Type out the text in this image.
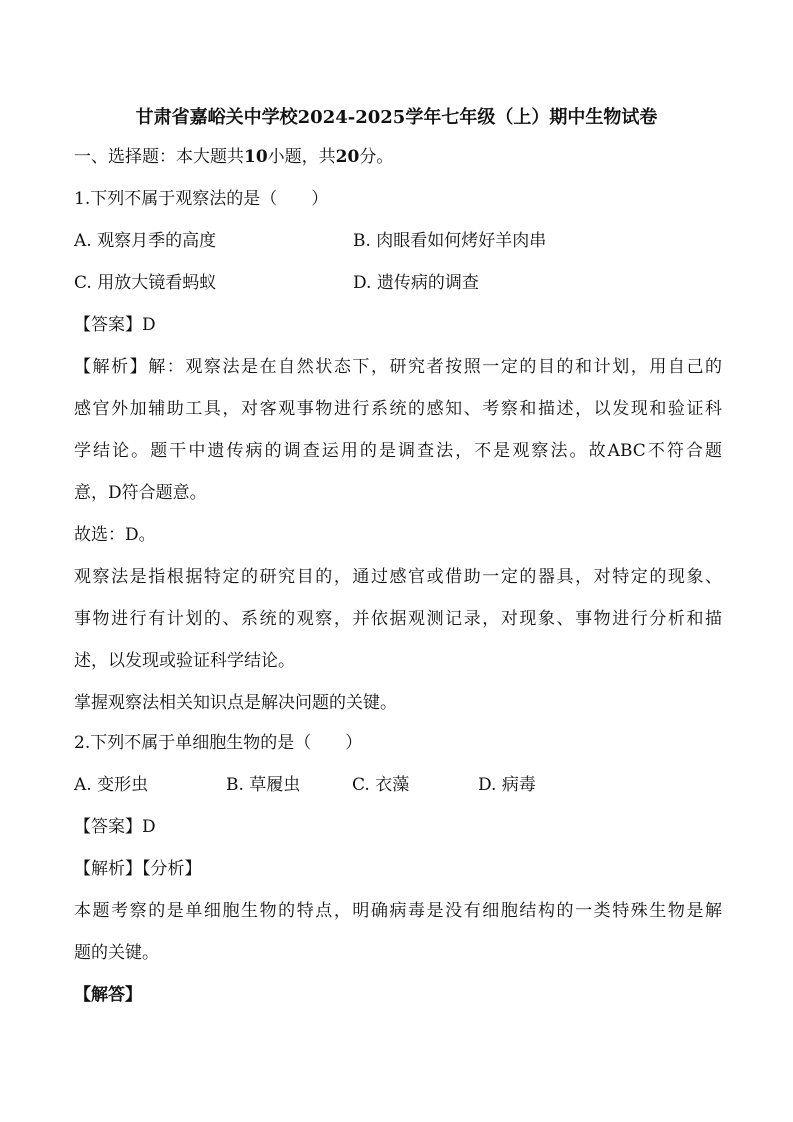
甘肃省嘉峪关中学校2024-2025学年七年级（上）期中生物试卷

一、选择题：本大题共10小题，共20分。

1.下列不属于观察法的是（　　）

A. 观察月季的高度	B. 肉眼看如何烤好羊肉串

C. 用放大镜看蚂蚁	D. 遗传病的调查

【答案】D

【解析】解：观察法是在自然状态下，研究者按照一定的目的和计划，用自己的

感官外加辅助工具，对客观事物进行系统的感知、考察和描述，以发现和验证科

学结论。题干中遗传病的调查运用的是调查法，不是观察法。故ABC不符合题

意，D符合题意。

故选：D。

观察法是指根据特定的研究目的，通过感官或借助一定的器具，对特定的现象、

事物进行有计划的、系统的观察，并依据观测记录，对现象、事物进行分析和描

述，以发现或验证科学结论。

掌握观察法相关知识点是解决问题的关键。

2.下列不属于单细胞生物的是（　　）

A. 变形虫	B. 草履虫	C. 衣藻	D. 病毒

【答案】D

【解析】【分析】

本题考察的是单细胞生物的特点，明确病毒是没有细胞结构的一类特殊生物是解

题的关键。

【解答】
